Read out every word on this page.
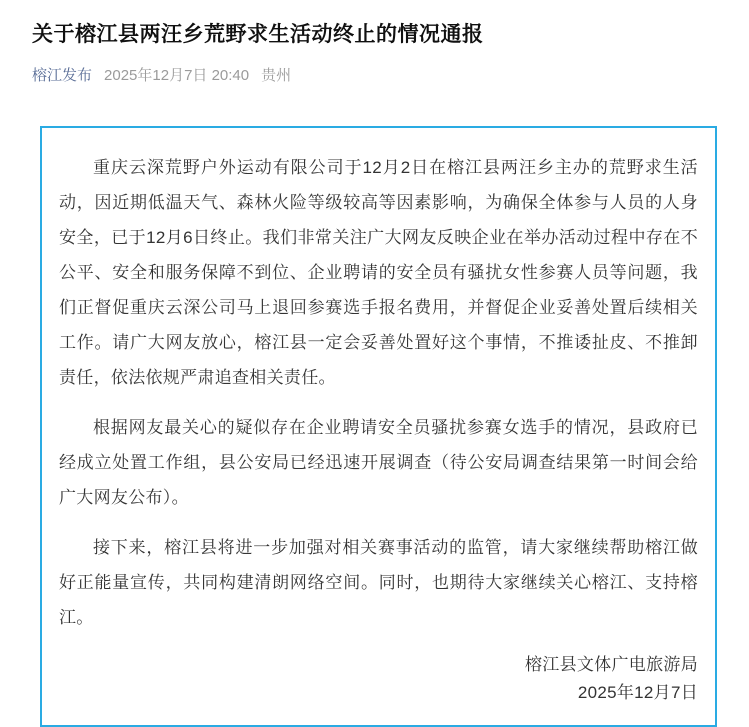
关于榕江县两汪乡荒野求生活动终止的情况通报
榕江发布 2025年12月7日 20:40 贵州

重庆云深荒野户外运动有限公司于12月2日在榕江县两汪乡主办的荒野求生活动，因近期低温天气、森林火险等级较高等因素影响，为确保全体参与人员的人身安全，已于12月6日终止。我们非常关注广大网友反映企业在举办活动过程中存在不公平、安全和服务保障不到位、企业聘请的安全员有骚扰女性参赛人员等问题，我们正督促重庆云深公司马上退回参赛选手报名费用，并督促企业妥善处置后续相关工作。请广大网友放心，榕江县一定会妥善处置好这个事情，不推诿扯皮、不推卸责任，依法依规严肃追查相关责任。

根据网友最关心的疑似存在企业聘请安全员骚扰参赛女选手的情况，县政府已经成立处置工作组，县公安局已经迅速开展调查（待公安局调查结果第一时间会给广大网友公布）。

接下来，榕江县将进一步加强对相关赛事活动的监管，请大家继续帮助榕江做好正能量宣传，共同构建清朗网络空间。同时，也期待大家继续关心榕江、支持榕江。

榕江县文体广电旅游局
2025年12月7日
